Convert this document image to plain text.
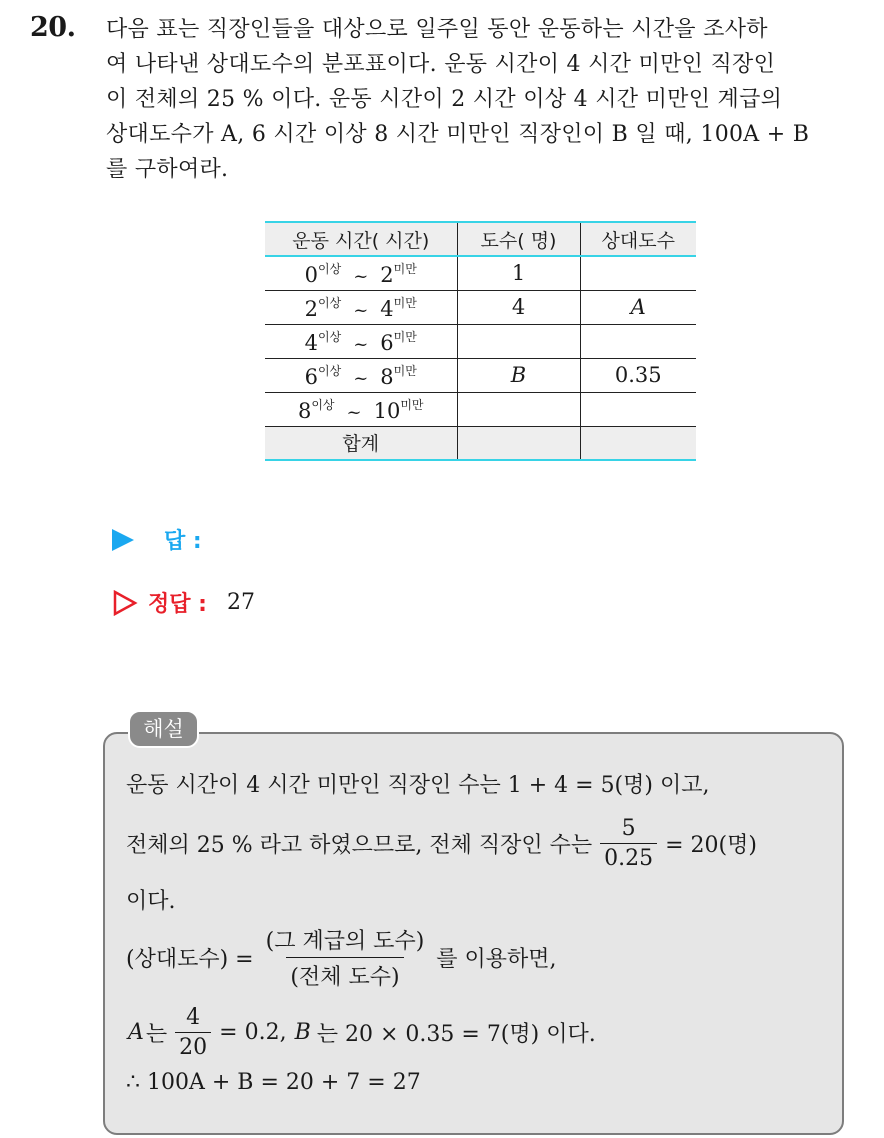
20. 다음 표는 직장인들을 대상으로 일주일 동안 운동하는 시간을 조사하
여 나타낸 상대도수의 분포표이다. 운동 시간이 4 시간 미만인 직장인
이 전체의 25 % 이다. 운동 시간이 2 시간 이상 4 시간 미만인 계급의
상대도수가 A, 6 시간 이상 8 시간 미만인 직장인이 B 일 때, 100A + B
를 구하여라.
운동 시간( 시간)	도수( 명)	상대도수
$0^{이상}$ ~ $2^{미만}$	1	
$2^{이상}$ ~ $4^{미만}$	4	A
$4^{이상}$ ~ $6^{미만}$		
$6^{이상}$ ~ $8^{미만}$	B	0.35
$8^{이상}$ ~ $10^{미만}$		
합계		
답 :
정답 : 27
해설
운동 시간이 4 시간 미만인 직장인 수는 1 + 4 = 5(명) 이고,
전체의 25 % 라고 하였으므로, 전체 직장인 수는 $\frac{5}{0.25} = 20$(명)
이다.
(상대도수) = $\frac{\text{(그 계급의 도수)}}{\text{(전체 도수)}}$ 를 이용하면,
A 는 $\frac{4}{20} = 0.2$, B 는 20 × 0.35 = 7(명) 이다.
∴ 100A + B = 20 + 7 = 27
